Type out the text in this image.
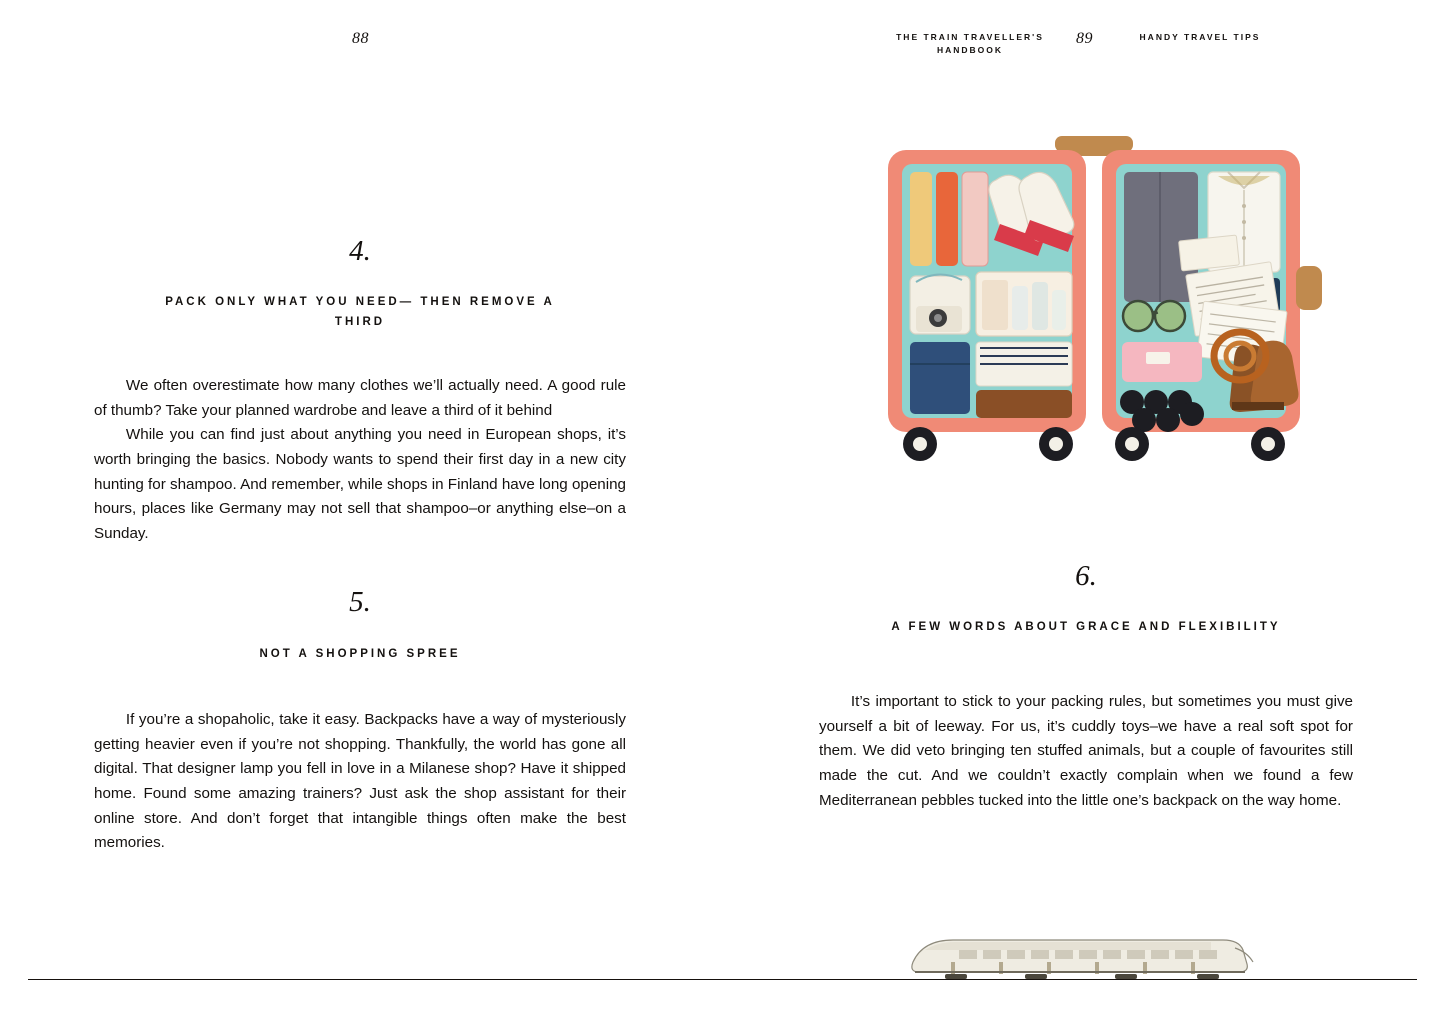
88	THE TRAIN TRAVELLER'S HANDBOOK
89	HANDY TRAVEL TIPS
4.
PACK ONLY WHAT YOU NEED— THEN REMOVE A THIRD

We often overestimate how many clothes we’ll actually need. A good rule of thumb? Take your planned wardrobe and leave a third of it behind

While you can find just about anything you need in European shops, it’s worth bringing the basics. Nobody wants to spend their first day in a new city hunting for shampoo. And remember, while shops in Finland have long opening hours, places like Germany may not sell that shampoo–or anything else–on a Sunday.

5.
NOT A SHOPPING SPREE

If you’re a shopaholic, take it easy. Backpacks have a way of mysteriously getting heavier even if you’re not shopping. Thankfully, the world has gone all digital. That designer lamp you fell in love in a Milanese shop? Have it shipped home. Found some amazing trainers? Just ask the shop assistant for their online store. And don’t forget that intangible things often make the best memories.

6.
A FEW WORDS ABOUT GRACE AND FLEXIBILITY

It’s important to stick to your packing rules, but sometimes you must give yourself a bit of leeway. For us, it’s cuddly toys–we have a real soft spot for them. We did veto bringing ten stuffed animals, but a couple of favourites still made the cut. And we couldn’t exactly complain when we found a few Mediterranean pebbles tucked into the little one’s backpack on the way home.
